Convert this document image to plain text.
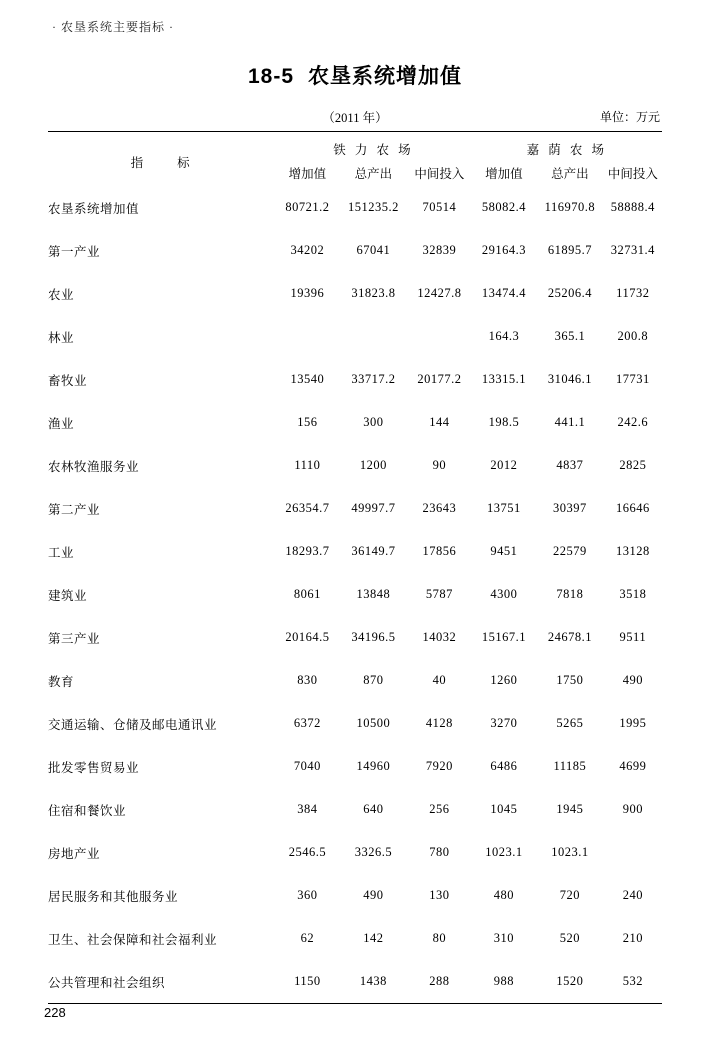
· 农垦系统主要指标 ·
18-5 农垦系统增加值
（2011 年）	单位：万元
指　　标	铁 力 农 场			嘉 荫 农 场		
	增加值	总产出	中间投入	增加值	总产出	中间投入
农垦系统增加值	80721.2	151235.2	70514	58082.4	116970.8	58888.4
第一产业	34202	67041	32839	29164.3	61895.7	32731.4
农业	19396	31823.8	12427.8	13474.4	25206.4	11732
林业				164.3	365.1	200.8
畜牧业	13540	33717.2	20177.2	13315.1	31046.1	17731
渔业	156	300	144	198.5	441.1	242.6
农林牧渔服务业	1110	1200	90	2012	4837	2825
第二产业	26354.7	49997.7	23643	13751	30397	16646
工业	18293.7	36149.7	17856	9451	22579	13128
建筑业	8061	13848	5787	4300	7818	3518
第三产业	20164.5	34196.5	14032	15167.1	24678.1	9511
教育	830	870	40	1260	1750	490
交通运输、仓储及邮电通讯业	6372	10500	4128	3270	5265	1995
批发零售贸易业	7040	14960	7920	6486	11185	4699
住宿和餐饮业	384	640	256	1045	1945	900
房地产业	2546.5	3326.5	780	1023.1	1023.1	
居民服务和其他服务业	360	490	130	480	720	240
卫生、社会保障和社会福利业	62	142	80	310	520	210
公共管理和社会组织	1150	1438	288	988	1520	532
228
